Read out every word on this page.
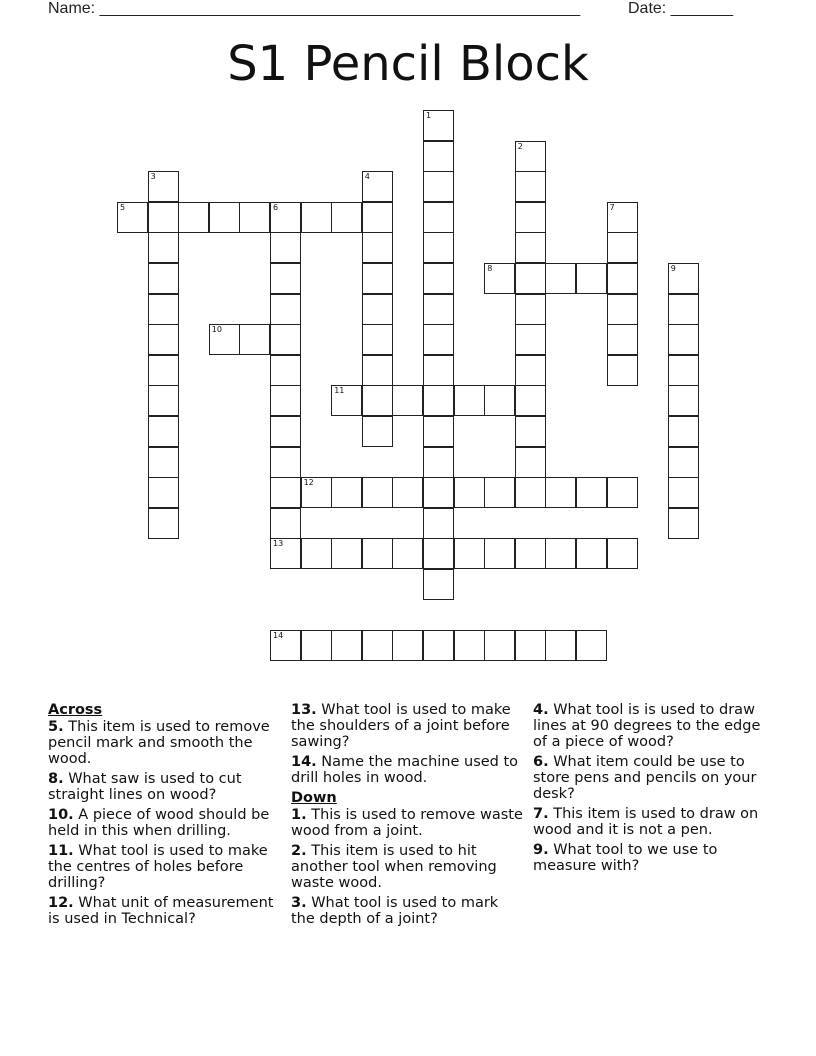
Name: ______________________________________________________	Date: _______
S1 Pencil Block
1
2
3	4
5	6	7
8	9
10
11
12
13
14
Across
5. This item is used to remove pencil mark and smooth the wood.
8. What saw is used to cut straight lines on wood?
10. A piece of wood should be held in this when drilling.
11. What tool is used to make the centres of holes before drilling?
12. What unit of measurement is used in Technical?
13. What tool is used to make the shoulders of a joint before sawing?
14. Name the machine used to drill holes in wood.
Down
1. This is used to remove waste wood from a joint.
2. This item is used to hit another tool when removing waste wood.
3. What tool is used to mark the depth of a joint?
4. What tool is is used to draw lines at 90 degrees to the edge of a piece of wood?
6. What item could be use to store pens and pencils on your desk?
7. This item is used to draw on wood and it is not a pen.
9. What tool to we use to measure with?
